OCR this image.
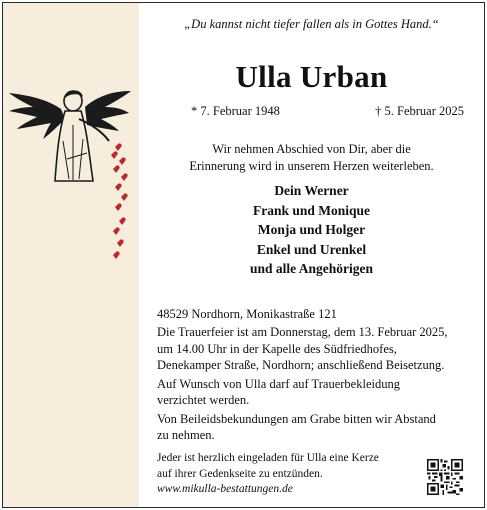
„Du kannst nicht tiefer fallen als in Gottes Hand.“
Ulla Urban
* 7. Februar 1948	† 5. Februar 2025
Wir nehmen Abschied von Dir, aber die
Erinnerung wird in unserem Herzen weiterleben.
Dein Werner
Frank und Monique
Monja und Holger
Enkel und Urenkel
und alle Angehörigen
48529 Nordhorn, Monikastraße 121

Die Trauerfeier ist am Donnerstag, dem 13. Februar 2025,
um 14.00 Uhr in der Kapelle des Südfriedhofes,
Denekamper Straße, Nordhorn; anschließend Beisetzung.

Auf Wunsch von Ulla darf auf Trauerbekleidung
verzichtet werden.

Von Beileidsbekundungen am Grabe bitten wir Abstand
zu nehmen.

Jeder ist herzlich eingeladen für Ulla eine Kerze
auf ihrer Gedenkseite zu entzünden.
www.mikulla-bestattungen.de
